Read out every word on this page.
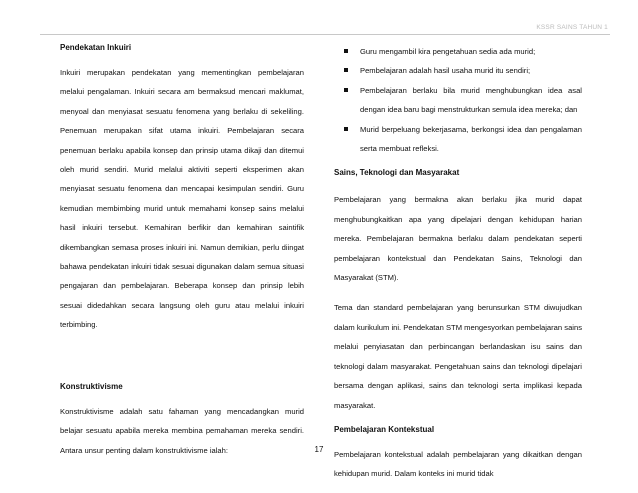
KSSR SAINS TAHUN 1

Pendekatan Inkuiri

Inkuiri merupakan pendekatan yang mementingkan pembelajaran melalui pengalaman. Inkuiri secara am bermaksud mencari maklumat, menyoal dan menyiasat sesuatu fenomena yang berlaku di sekeliling. Penemuan merupakan sifat utama inkuiri. Pembelajaran secara penemuan berlaku apabila konsep dan prinsip utama dikaji dan ditemui oleh murid sendiri. Murid melalui aktiviti seperti eksperimen akan menyiasat sesuatu fenomena dan mencapai kesimpulan sendiri. Guru kemudian membimbing murid untuk memahami konsep sains melalui hasil inkuiri tersebut. Kemahiran berfikir dan kemahiran saintifik dikembangkan semasa proses inkuiri ini. Namun demikian, perlu diingat bahawa pendekatan inkuiri tidak sesuai digunakan dalam semua situasi pengajaran dan pembelajaran. Beberapa konsep dan prinsip lebih sesuai didedahkan secara langsung oleh guru atau melalui inkuiri terbimbing.

Konstruktivisme

Konstruktivisme adalah satu fahaman yang mencadangkan murid belajar sesuatu apabila mereka membina pemahaman mereka sendiri. Antara unsur penting dalam konstruktivisme ialah:

Guru mengambil kira pengetahuan sedia ada murid;
Pembelajaran adalah hasil usaha murid itu sendiri;
Pembelajaran berlaku bila murid menghubungkan idea asal dengan idea baru bagi menstrukturkan semula idea mereka; dan
Murid berpeluang bekerjasama, berkongsi idea dan pengalaman serta membuat refleksi.

Sains, Teknologi dan Masyarakat

Pembelajaran yang bermakna akan berlaku jika murid dapat menghubungkaitkan apa yang dipelajari dengan kehidupan harian mereka. Pembelajaran bermakna berlaku dalam pendekatan seperti pembelajaran kontekstual dan Pendekatan Sains, Teknologi dan Masyarakat (STM).

Tema dan standard pembelajaran yang berunsurkan STM diwujudkan dalam kurikulum ini. Pendekatan STM mengesyorkan pembelajaran sains melalui penyiasatan dan perbincangan berlandaskan isu sains dan teknologi dalam masyarakat. Pengetahuan sains dan teknologi dipelajari bersama dengan aplikasi, sains dan teknologi serta implikasi kepada masyarakat.

Pembelajaran Kontekstual

Pembelajaran kontekstual adalah pembelajaran yang dikaitkan dengan kehidupan murid. Dalam konteks ini murid tidak

17
